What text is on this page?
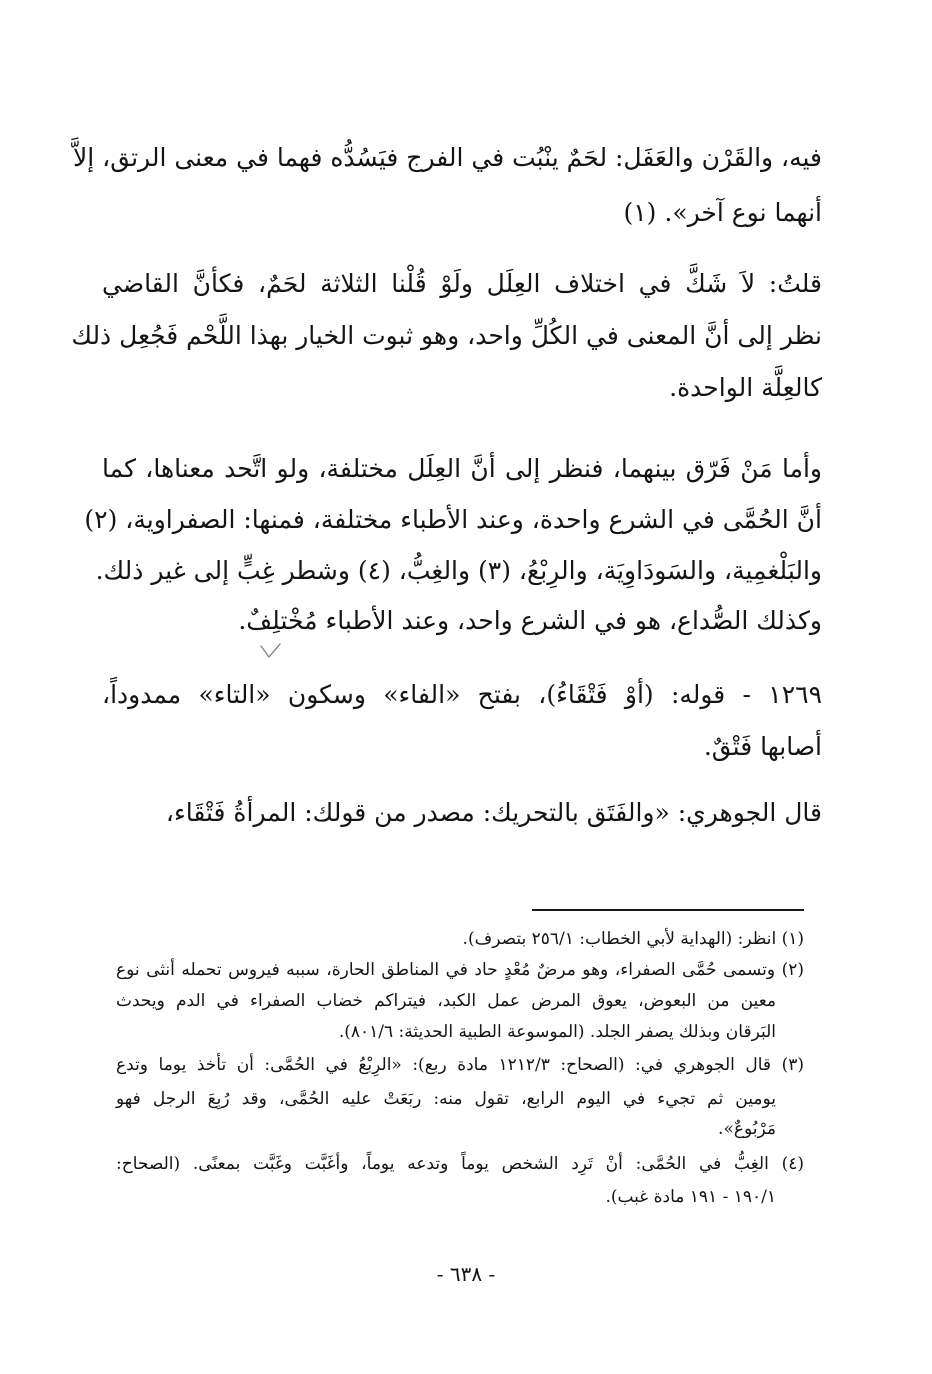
فيه، والقَرْن والعَفَل: لحَمٌ ينْبُت في الفرج فيَسُدُّه فهما في معنى الرتق، إلاَّ
أنهما نوع آخر». (١)
قلتُ: لاَ شَكَّ في اختلاف العِلَل ولَوْ قُلْنا الثلاثة لحَمٌ، فكأنَّ القاضي
نظر إلى أنَّ المعنى في الكُلِّ واحد، وهو ثبوت الخيار بهذا اللَّحْم فَجُعِل ذلك
كالعِلَّة الواحدة.
وأما مَنْ فَرّق بينهما، فنظر إلى أنَّ العِلَل مختلفة، ولو اتَّحد معناها، كما
أنَّ الحُمَّى في الشرع واحدة، وعند الأطباء مختلفة، فمنها: الصفراوية، (٢)
والبَلْغمِية، والسَودَاوِيَة، والرِبْعُ، (٣) والغِبُّ، (٤) وشطر غِبٍّ إلى غير ذلك.
وكذلك الصُّداع، هو في الشرع واحد، وعند الأطباء مُخْتلِفٌ.
١٢٦٩ - قوله: (أوْ فَتْقَاءُ)، بفتح «الفاء» وسكون «التاء» ممدوداً،
أصابها فَتْقٌ.
قال الجوهري: «والفَتَق بالتحريك: مصدر من قولك: المرأةُ فَتْقَاء،
(١) انظر: (الهداية لأبي الخطاب: ٢٥٦/١ بتصرف).
(٢) وتسمى حُمَّى الصفراء، وهو مرضٌ مُعْدٍ حاد في المناطق الحارة، سببه فيروس تحمله أنثى نوع
معين من البعوض، يعوق المرض عمل الكبد، فيتراكم خضاب الصفراء في الدم ويحدث
البَرقان وبذلك يصفر الجلد. (الموسوعة الطبية الحديثة: ٨٠١/٦).
(٣) قال الجوهري في: (الصحاح: ١٢١٢/٣ مادة ربع): «الرِبْعُ في الحُمَّى: أن تأخذ يوما وتدع
يومين ثم تجيء في اليوم الرابع، تقول منه: ربَعَتْ عليه الحُمَّى، وقد رُبِعَ الرجل فهو
مَرْبُوعٌ».
(٤) الغِبُّ في الحُمَّى: أنْ تَرِد الشخص يوماً وتدعه يوماً، وأغَبَّت وغَبَّت بمعنًى. (الصحاح:
١٩٠/١ - ١٩١ مادة غبب).
- ٦٣٨ -
